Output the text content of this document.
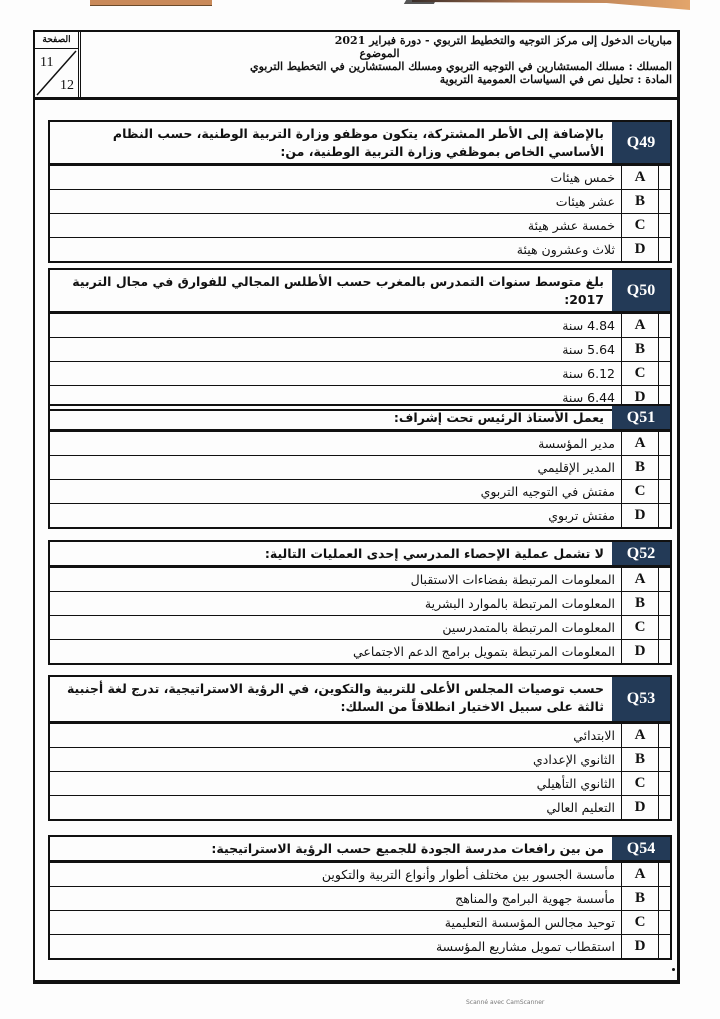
الصفحة
11
12
مباريات الدخول إلى مركز التوجيه والتخطيط التربوي - دورة فبراير 2021
الموضوع
المسلك : مسلك المستشارين في التوجيه التربوي ومسلك المستشارين في التخطيط التربوي
المادة : تحليل نص في السياسات العمومية التربوية
Q49
بالإضافة إلى الأطر المشتركة، يتكون موظفو وزارة التربية الوطنية، حسب النظام الأساسي الخاص بموظفي وزارة التربية الوطنية، من:
A
خمس هيئات
B
عشر هيئات
C
خمسة عشر هيئة
D
ثلاث وعشرون هيئة
Q50
بلغ متوسط سنوات التمدرس بالمغرب حسب الأطلس المجالي للفوارق في مجال التربية 2017:
A
4.84 سنة
B
5.64 سنة
C
6.12 سنة
D
6.44 سنة
Q51
يعمل الأستاذ الرئيس تحت إشراف:
A
مدير المؤسسة
B
المدير الإقليمي
C
مفتش في التوجيه التربوي
D
مفتش تربوي
Q52
لا تشمل عملية الإحصاء المدرسي إحدى العمليات التالية:
A
المعلومات المرتبطة بفضاءات الاستقبال
B
المعلومات المرتبطة بالموارد البشرية
C
المعلومات المرتبطة بالمتمدرسين
D
المعلومات المرتبطة بتمويل برامج الدعم الاجتماعي
Q53
حسب توصيات المجلس الأعلى للتربية والتكوين، في الرؤية الاستراتيجية، تدرج لغة أجنبية ثالثة على سبيل الاختيار انطلاقاً من السلك:
A
الابتدائي
B
الثانوي الإعدادي
C
الثانوي التأهيلي
D
التعليم العالي
Q54
من بين رافعات مدرسة الجودة للجميع حسب الرؤية الاستراتيجية:
A
مأسسة الجسور بين مختلف أطوار وأنواع التربية والتكوين
B
مأسسة جهوية البرامج والمناهج
C
توحيد مجالس المؤسسة التعليمية
D
استقطاب تمويل مشاريع المؤسسة
Scanné avec CamScanner
